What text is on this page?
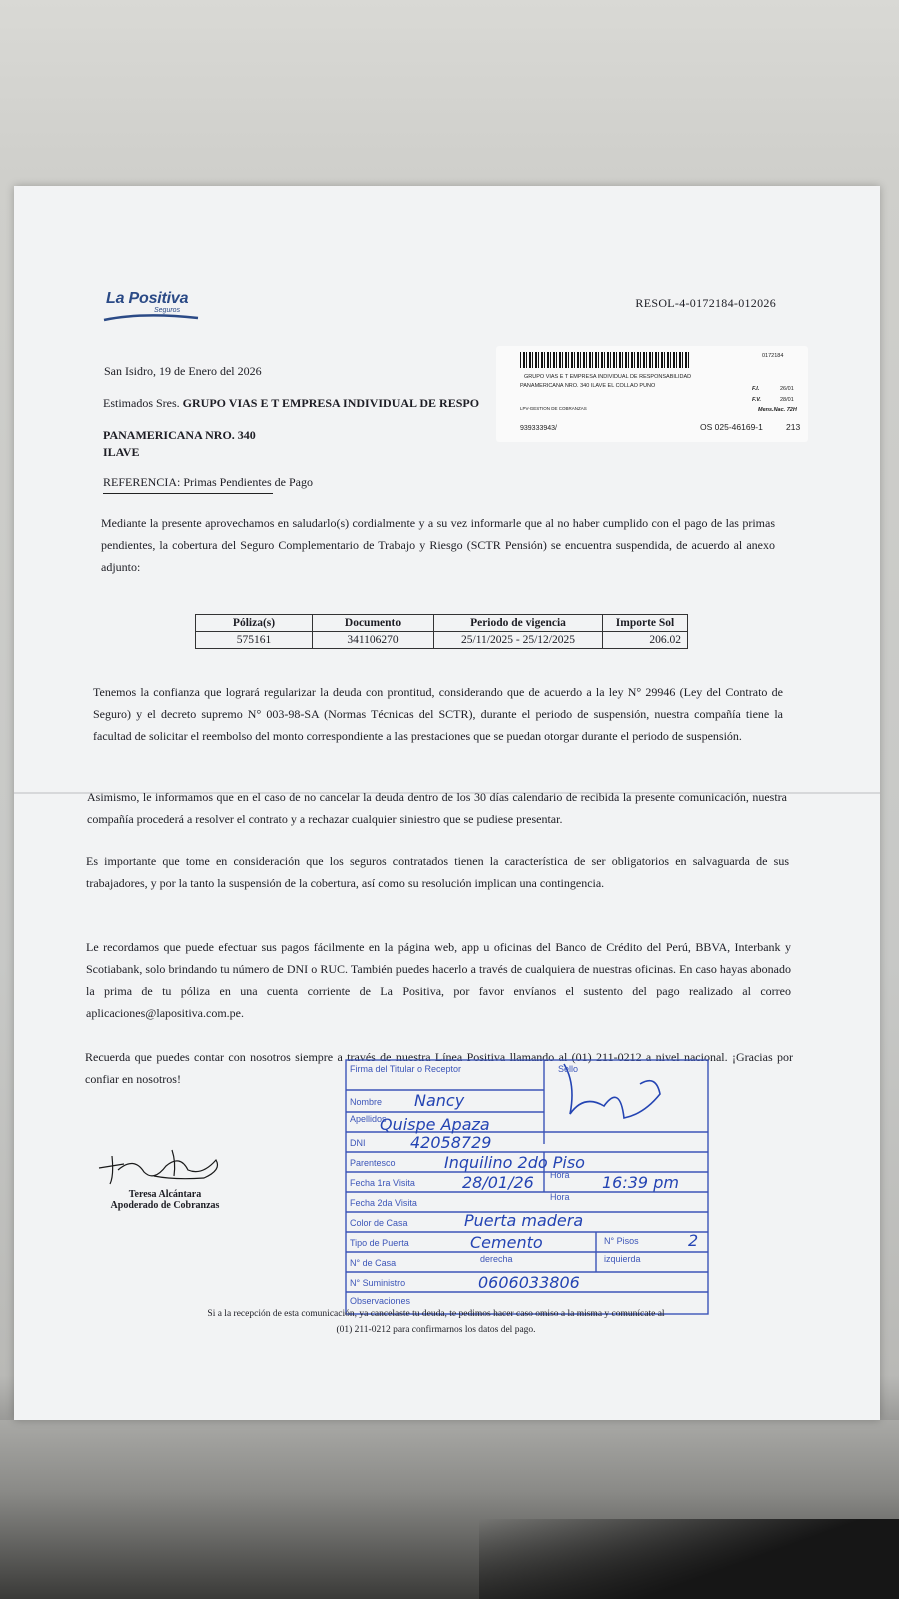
La Positiva
Seguros
RESOL-4-0172184-012026
San Isidro, 19 de Enero del 2026
Estimados Sres. GRUPO VIAS E T EMPRESA INDIVIDUAL DE RESPO
0172184
GRUPO VIAS E T EMPRESA INDIVIDUAL DE RESPONSABILIDAD
PANAMERICANA NRO. 340 ILAVE EL COLLAO PUNO
LPV-GESTION DE COBRANZAS
F.I.	26/01
F.V.	28/01
Mens.Nac. 72H
939333943/	OS 025-46169-1	213
PANAMERICANA NRO. 340
ILAVE
REFERENCIA: Primas Pendientes de Pago
Mediante la presente aprovechamos en saludarlo(s) cordialmente y a su vez informarle que al no haber cumplido con el pago de las primas pendientes, la cobertura del Seguro Complementario de Trabajo y Riesgo (SCTR Pensión) se encuentra suspendida, de acuerdo al anexo adjunto:
Póliza(s)	Documento	Periodo de vigencia	Importe Sol
575161	341106270	25/11/2025 - 25/12/2025	206.02
Tenemos la confianza que logrará regularizar la deuda con prontitud, considerando que de acuerdo a la ley N° 29946 (Ley del Contrato de Seguro) y el decreto supremo N° 003-98-SA (Normas Técnicas del SCTR), durante el periodo de suspensión, nuestra compañía tiene la facultad de solicitar el reembolso del monto correspondiente a las prestaciones que se puedan otorgar durante el periodo de suspensión.
Asimismo, le informamos que en el caso de no cancelar la deuda dentro de los 30 días calendario de recibida la presente comunicación, nuestra compañía procederá a resolver el contrato y a rechazar cualquier siniestro que se pudiese presentar.
Es importante que tome en consideración que los seguros contratados tienen la característica de ser obligatorios en salvaguarda de sus trabajadores, y por la tanto la suspensión de la cobertura, así como su resolución implican una contingencia.
Le recordamos que puede efectuar sus pagos fácilmente en la página web, app u oficinas del Banco de Crédito del Perú, BBVA, Interbank y Scotiabank, solo brindando tu número de DNI o RUC. También puedes hacerlo a través de cualquiera de nuestras oficinas. En caso hayas abonado la prima de tu póliza en una cuenta corriente de La Positiva, por favor envíanos el sustento del pago realizado al correo aplicaciones@lapositiva.com.pe.
Recuerda que puedes contar con nosotros siempre a través de nuestra Línea Positiva llamando al (01) 211-0212 a nivel nacional. ¡Gracias por confiar en nosotros!
Teresa Alcántara
Apoderado de Cobranzas
Firma del Titular o Receptor	Sello
Nombre Nancy
Apellidos
Quispe Apaza
DNI	42058729
Parentesco	Inquilino 2do Piso
Fecha 1ra Visita	28/01/26 Hora 16:39 pm
Fecha 2da Visita
Hora
Color de Casa	Puerta madera
Tipo de Puerta	Cemento	N° Pisos	2
N° de Casa	derecha	izquierda
N° Suministro	0606033806
Observaciones
Si a la recepción de esta comunicación, ya cancelaste tu deuda, te pedimos hacer caso omiso a la misma y comunícate al
(01) 211-0212 para confirmarnos los datos del pago.
